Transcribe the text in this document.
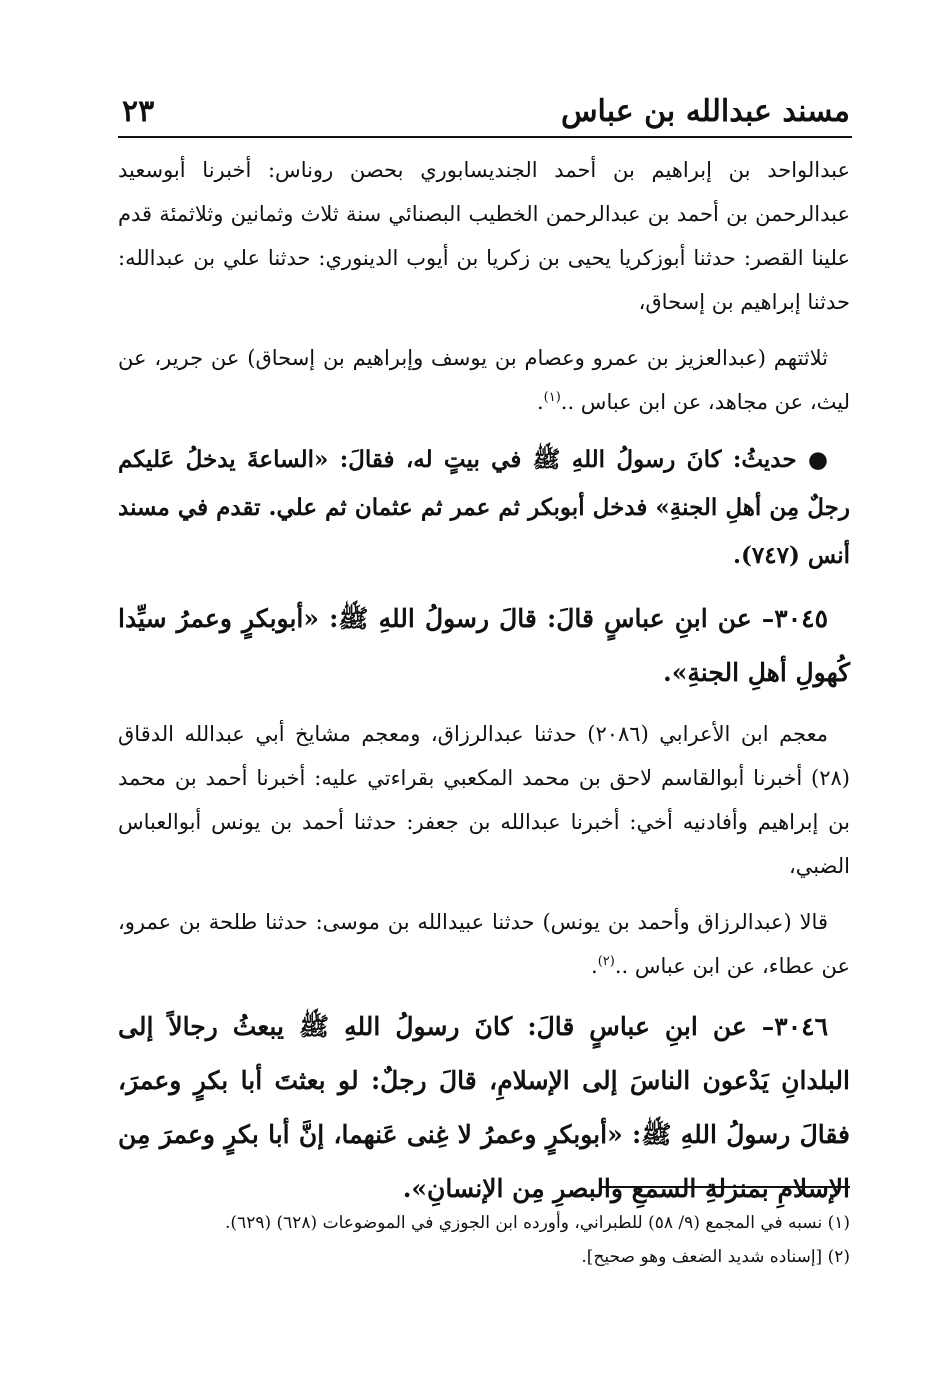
مسند عبدالله بن عباس
٢٣

عبدالواحد بن إبراهيم بن أحمد الجنديسابوري بحصن روناس: أخبرنا أبوسعيد عبدالرحمن بن أحمد بن عبدالرحمن الخطيب البصنائي سنة ثلاث وثمانين وثلاثمئة قدم علينا القصر: حدثنا أبوزكريا يحيى بن زكريا بن أيوب الدينوري: حدثنا علي بن عبدالله: حدثنا إبراهيم بن إسحاق،

ثلاثتهم (عبدالعزيز بن عمرو وعصام بن يوسف وإبراهيم بن إسحاق) عن جرير، عن ليث، عن مجاهد، عن ابن عباس ..$^{(١)}$.

● حديثُ: كانَ رسولُ اللهِ ﷺ في بيتٍ له، فقالَ: «الساعةَ يدخلُ عَليكم رجلٌ مِن أهلِ الجنةِ» فدخل أبوبكر ثم عمر ثم عثمان ثم علي. تقدم في مسند أنس (٧٤٧).

٣٠٤٥– عن ابنِ عباسٍ قالَ: قالَ رسولُ اللهِ ﷺ: «أبوبكرٍ وعمرُ سيِّدا كُهولِ أهلِ الجنةِ».

معجم ابن الأعرابي (٢٠٨٦) حدثنا عبدالرزاق، ومعجم مشايخ أبي عبدالله الدقاق (٢٨) أخبرنا أبوالقاسم لاحق بن محمد المكعبي بقراءتي عليه: أخبرنا أحمد بن محمد بن إبراهيم وأفادنيه أخي: أخبرنا عبدالله بن جعفر: حدثنا أحمد بن يونس أبوالعباس الضبي،

قالا (عبدالرزاق وأحمد بن يونس) حدثنا عبيدالله بن موسى: حدثنا طلحة بن عمرو، عن عطاء، عن ابن عباس ..$^{(٢)}$.

٣٠٤٦– عن ابنِ عباسٍ قالَ: كانَ رسولُ اللهِ ﷺ يبعثُ رجالاً إلى البلدانِ يَدْعون الناسَ إلى الإسلامِ، قالَ رجلٌ: لو بعثتَ أبا بكرٍ وعمرَ، فقالَ رسولُ اللهِ ﷺ: «أبوبكرٍ وعمرُ لا غِنى عَنهما، إنَّ أبا بكرٍ وعمرَ مِن الإسلامِ بمنزلةِ السمعِ والبصرِ مِن الإنسانِ».

(١) نسبه في المجمع (٩/ ٥٨) للطبراني، وأورده ابن الجوزي في الموضوعات (٦٢٨) (٦٢٩).
(٢) [إسناده شديد الضعف وهو صحيح].
